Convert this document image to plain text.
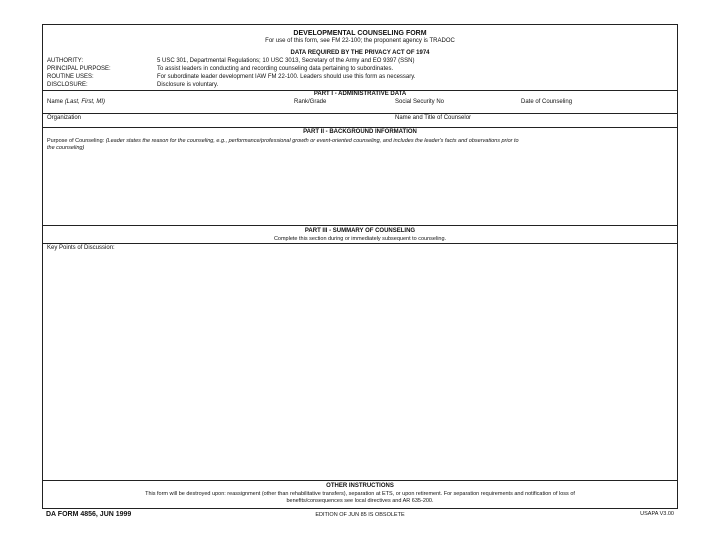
DEVELOPMENTAL COUNSELING FORM
For use of this form, see FM 22-100; the proponent agency is TRADOC
DATA REQUIRED BY THE PRIVACY ACT OF 1974
AUTHORITY:	5 USC 301, Departmental Regulations; 10 USC 3013, Secretary of the Army and EO 9397 (SSN)
PRINCIPAL PURPOSE:	To assist leaders in conducting and recording counseling data pertaining to subordinates.
ROUTINE USES:	For subordinate leader development IAW FM 22-100. Leaders should use this form as necessary.
DISCLOSURE:	Disclosure is voluntary.
PART I - ADMINISTRATIVE DATA
Name (Last, First, MI)	Rank/Grade	Social Security No	Date of Counseling
Organization	Name and Title of Counselor
PART II - BACKGROUND INFORMATION
Purpose of Counseling: (Leader states the reason for the counseling, e.g., performance/professional growth or event-oriented counseling, and includes the leader's facts and observations prior to
the counseling)
PART III - SUMMARY OF COUNSELING
Complete this section during or immediately subsequent to counseling.
Key Points of Discussion:
OTHER INSTRUCTIONS
This form will be destroyed upon: reassignment (other than rehabilitative transfers), separation at ETS, or upon retirement. For separation requirements and notification of loss of
benefits/consequences see local directives and AR 635-200.
DA FORM 4856, JUN 1999	EDITION OF JUN 85 IS OBSOLETE	USAPA V3.00
